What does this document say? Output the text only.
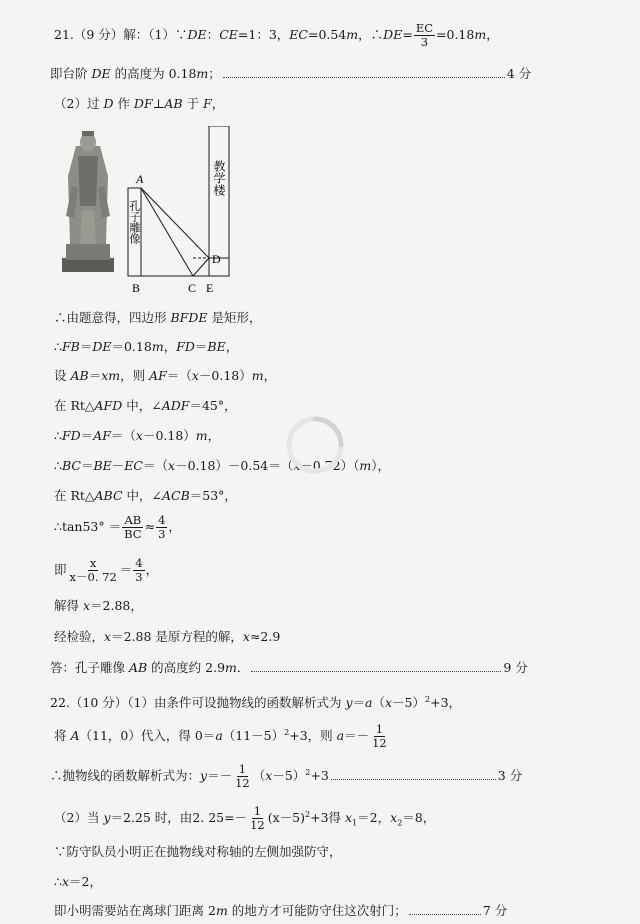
21.（9 分）解：（1）∵DE：CE=1：3，EC=0.54m，∴DE= $\frac{EC}{3} =0.18m$，
即台阶 DE 的高度为 0.18m；	4 分
（2）过 D 作 DF⊥AB 于 F，
A
B	C
D
E
孔子雕像
教学楼
∴由题意得，四边形 BFDE 是矩形，
∴FB＝DE＝0.18m，FD＝BE，
设 AB＝xm，则 AF＝（x－0.18）m，
在 Rt△AFD 中，∠ADF＝45°，
∴FD＝AF＝（x－0.18）m，
∴BC＝BE－EC＝（x－0.18）－0.54＝（x－0.72）（m），
在 Rt△ABC 中，∠ACB＝53°，
∴tan53° ＝ $\frac{AB}{BC} \approx \frac{4}{3}$ ，
即 $\frac{x}{x-0. 72} = \frac{4}{3}$ ，
解得 x＝2.88，
经检验，x＝2.88 是原方程的解，x≈2.9
答：孔子雕像 AB 的高度约 2.9m．	9 分
22.（10 分）（1）由条件可设抛物线的函数解析式为 $y=a(x-5)^2+3$，
将 A（11，0）代入，得 $0=a(11-5)^2+3$，则 $a=- \frac{1}{12}$
∴抛物线的函数解析式为：$y=- \frac{1}{12} (x-5)^2+3$	3 分
（2）当 y＝2.25 时，由2. $25=- \frac{1}{12} (x-5)^2+3$得 $x_1=2$，$x_2=8$，
∵防守队员小明正在抛物线对称轴的左侧加强防守，
∴x＝2，
即小明需要站在离球门距离 2m 的地方才可能防守住这次射门；	7 分
